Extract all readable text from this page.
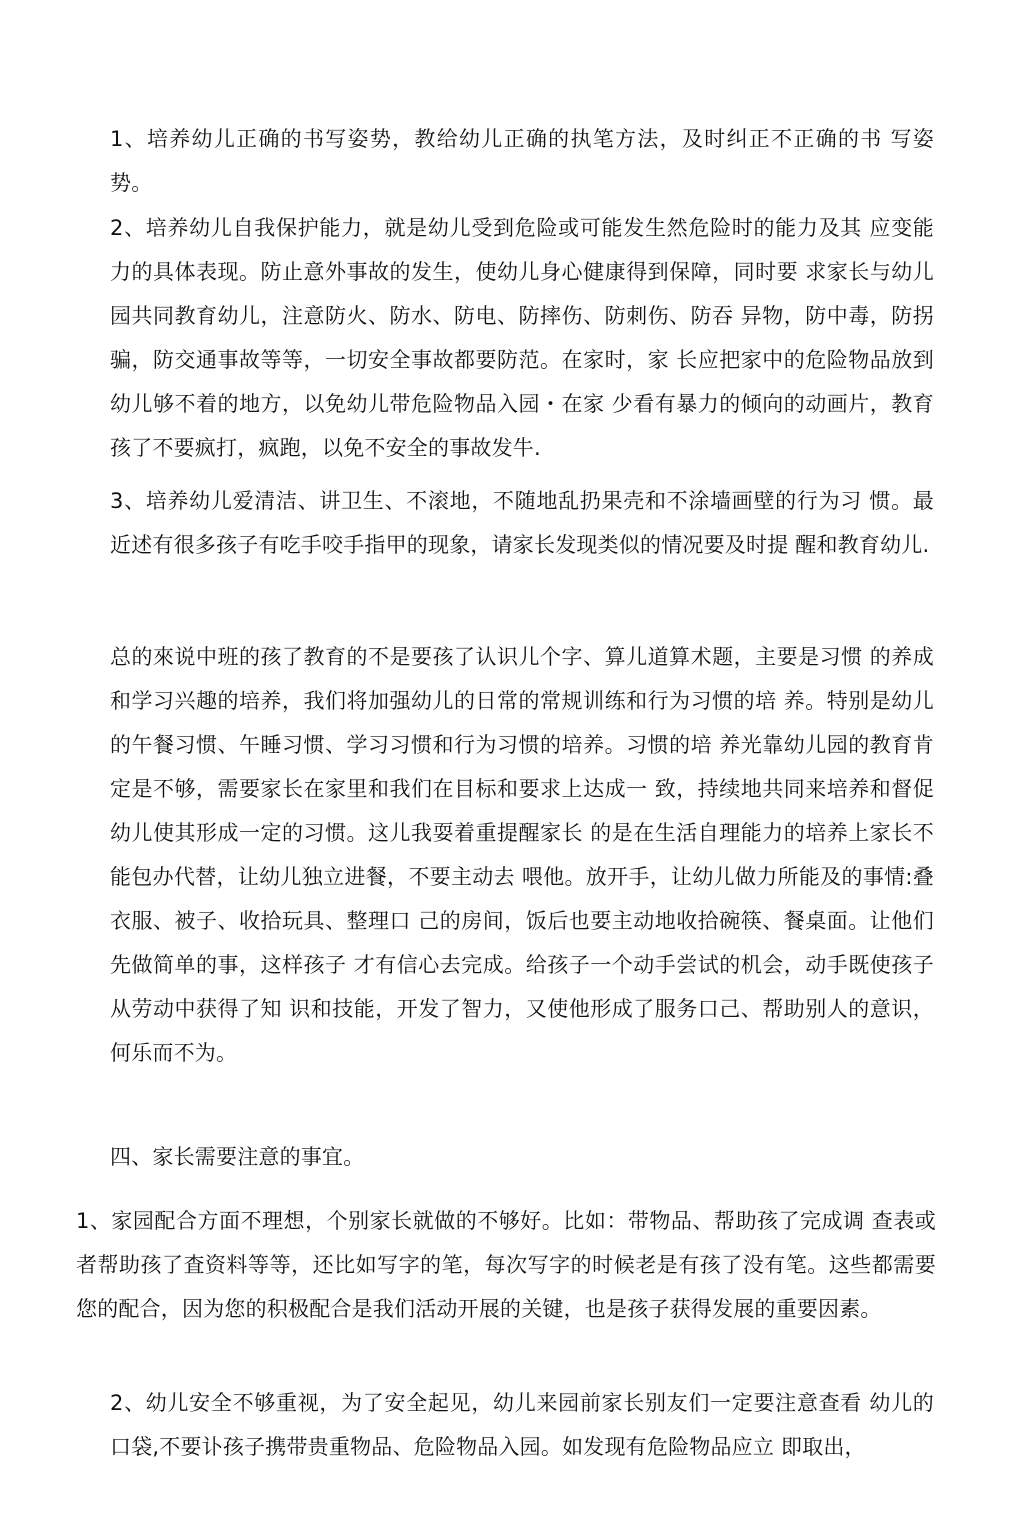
1、培养幼儿正确的书写姿势，教给幼儿正确的执笔方法，及时纠正不正确的书 写姿势。

2、培养幼儿自我保护能力，就是幼儿受到危险或可能发生然危险时的能力及其 应变能力的具体表现。防止意外事故的发生，使幼儿身心健康得到保障，同时要 求家长与幼儿园共同教育幼儿，注意防火、防水、防电、防摔伤、防刺伤、防吞 异物，防中毒，防拐骗，防交通事故等等，一切安全事故都要防范。在家时，家 长应把家中的危险物品放到幼儿够不着的地方，以免幼儿带危险物品入园・在家 少看有暴力的倾向的动画片，教育孩了不要疯打，疯跑，以免不安全的事故发牛.

3、培养幼儿爱清洁、讲卫生、不滚地，不随地乱扔果壳和不涂墙画壁的行为习 惯。最近述有很多孩子有吃手咬手指甲的现象，请家长发现类似的情况要及时提 醒和教育幼儿.

总的來说中班的孩了教育的不是要孩了认识儿个字、算儿道算术题，主要是习惯 的养成和学习兴趣的培养，我们将加强幼儿的日常的常规训练和行为习惯的培 养。特别是幼儿的午餐习惯、午睡习惯、学习习惯和行为习惯的培养。习惯的培 养光靠幼儿园的教育肯定是不够，需要家长在家里和我们在目标和要求上达成一 致，持续地共同来培养和督促幼儿使其形成一定的习惯。这儿我耍着重提醒家长 的是在生活自理能力的培养上家长不能包办代替，让幼儿独立进餐，不要主动去 喂他。放开手，让幼儿做力所能及的事情:叠衣服、被子、收拾玩具、整理口 己的房间，饭后也要主动地收拾碗筷、餐桌面。让他们先做简单的事，这样孩子 才有信心去完成。给孩子一个动手尝试的机会，动手既使孩子从劳动中获得了知 识和技能，开发了智力，又使他形成了服务口己、帮助别人的意识，何乐而不为。

四、家长需要注意的事宜。

1、家园配合方面不理想，个别家长就做的不够好。比如：带物品、帮助孩了完成调 查表或者帮助孩了査资料等等，还比如写字的笔，每次写字的时候老是有孩了没有笔。这些都需要您的配合，因为您的积极配合是我们活动开展的关键，也是孩子获得发展的重要因素。

2、幼儿安全不够重视，为了安全起见，幼儿来园前家长别友们一定要注意查看 幼儿的口袋,不要讣孩子携带贵重物品、危险物品入园。如发现有危险物品应立 即取出，
